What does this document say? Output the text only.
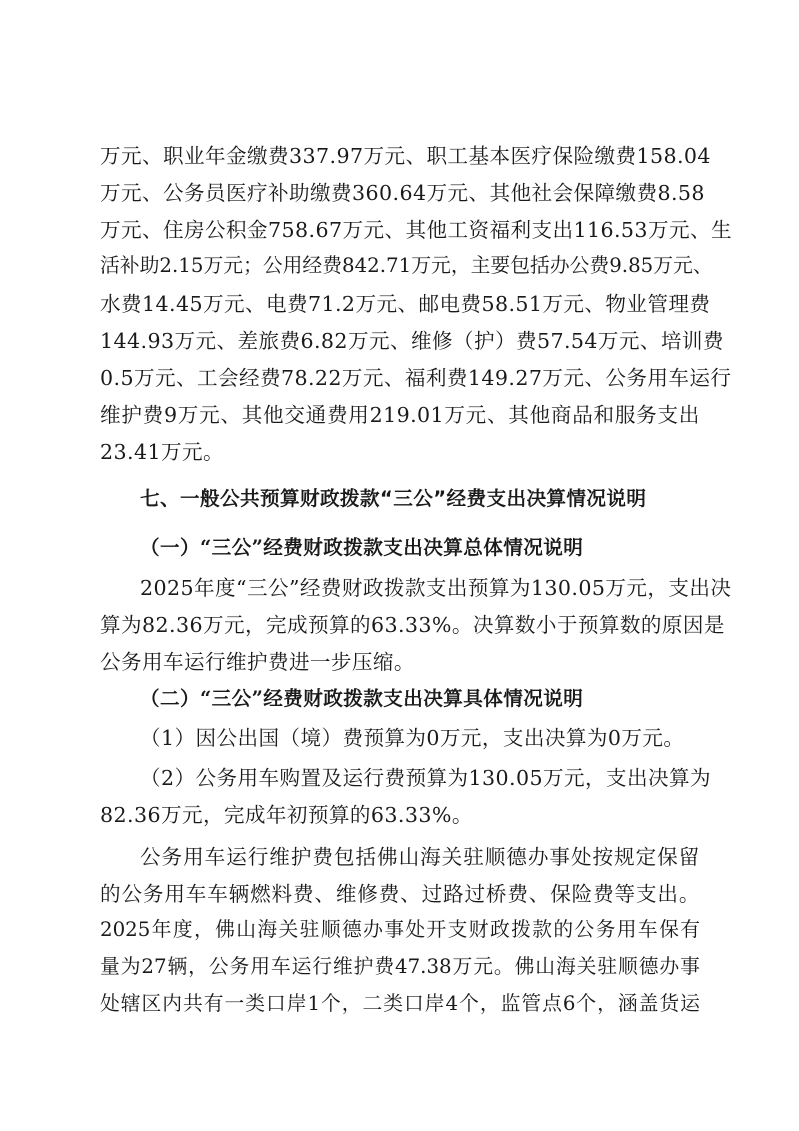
万 元 、 职 业 年 金 缴 费 337.97 万 元 、 职 工 基 本 医 疗 保 险 缴 费 158.04

万 元 、 公 务 员 医 疗 补 助 缴 费 360.64 万 元 、 其 他 社 会 保 障 缴 费 8.58

万 元 、 住 房 公 积 金 758.67 万 元 、 其 他 工 资 福 利 支 出 116.53 万 元 、 生

活 补 助 2.15 万 元 ； 公 用 经 费 842.71 万 元 ， 主 要 包 括 办 公 费 9.85 万 元 、

水 费 14.45 万 元 、 电 费 71.2 万 元 、 邮 电 费 58.51 万 元 、 物 业 管 理 费

144.93 万 元 、 差 旅 费 6.82 万 元 、 维 修 （ 护 ） 费 57.54 万 元 、 培 训 费

0.5 万 元 、 工 会 经 费 78.22 万 元 、 福 利 费 149.27 万 元 、 公 务 用 车 运 行

维 护 费 9 万 元 、 其 他 交 通 费 用 219.01 万 元 、 其 他 商 品 和 服 务 支 出

23.41万元。

七、一般公共预算财政拨款“三公”经费支出决算情况说明

（一）“三公”经费财政拨款支出决算总体情况说明

2025 年 度 “ 三 公 ” 经 费 财 政 拨 款 支 出 预 算 为 130.05 万 元 ， 支 出 决

算 为 82.36 万 元 ， 完 成 预 算 的 63.33% 。 决 算 数 小 于 预 算 数 的 原 因 是

公务用车运行维护费进一步压缩。

（二）“三公”经费财政拨款支出决算具体情况说明

（1）因公出国（境）费预算为0万元，支出决算为0万元。

（ 2 ） 公 务 用 车 购 置 及 运 行 费 预 算 为 130.05 万 元 ， 支 出 决 算 为

82.36万元，完成年初预算的63.33%。

公 务 用 车 运 行 维 护 费 包 括 佛 山 海 关 驻 顺 德 办 事 处 按 规 定 保 留

的 公 务 用 车 车 辆 燃 料 费 、 维 修 费 、 过 路 过 桥 费 、 保 险 费 等 支 出 。

2025 年 度 ， 佛 山 海 关 驻 顺 德 办 事 处 开 支 财 政 拨 款 的 公 务 用 车 保 有

量 为 27 辆 ， 公 务 用 车 运 行 维 护 费 47.38 万 元 。 佛 山 海 关 驻 顺 德 办 事

处 辖 区 内 共 有 一 类 口 岸 1 个 ， 二 类 口 岸 4 个 ， 监 管 点 6 个 ， 涵 盖 货 运
